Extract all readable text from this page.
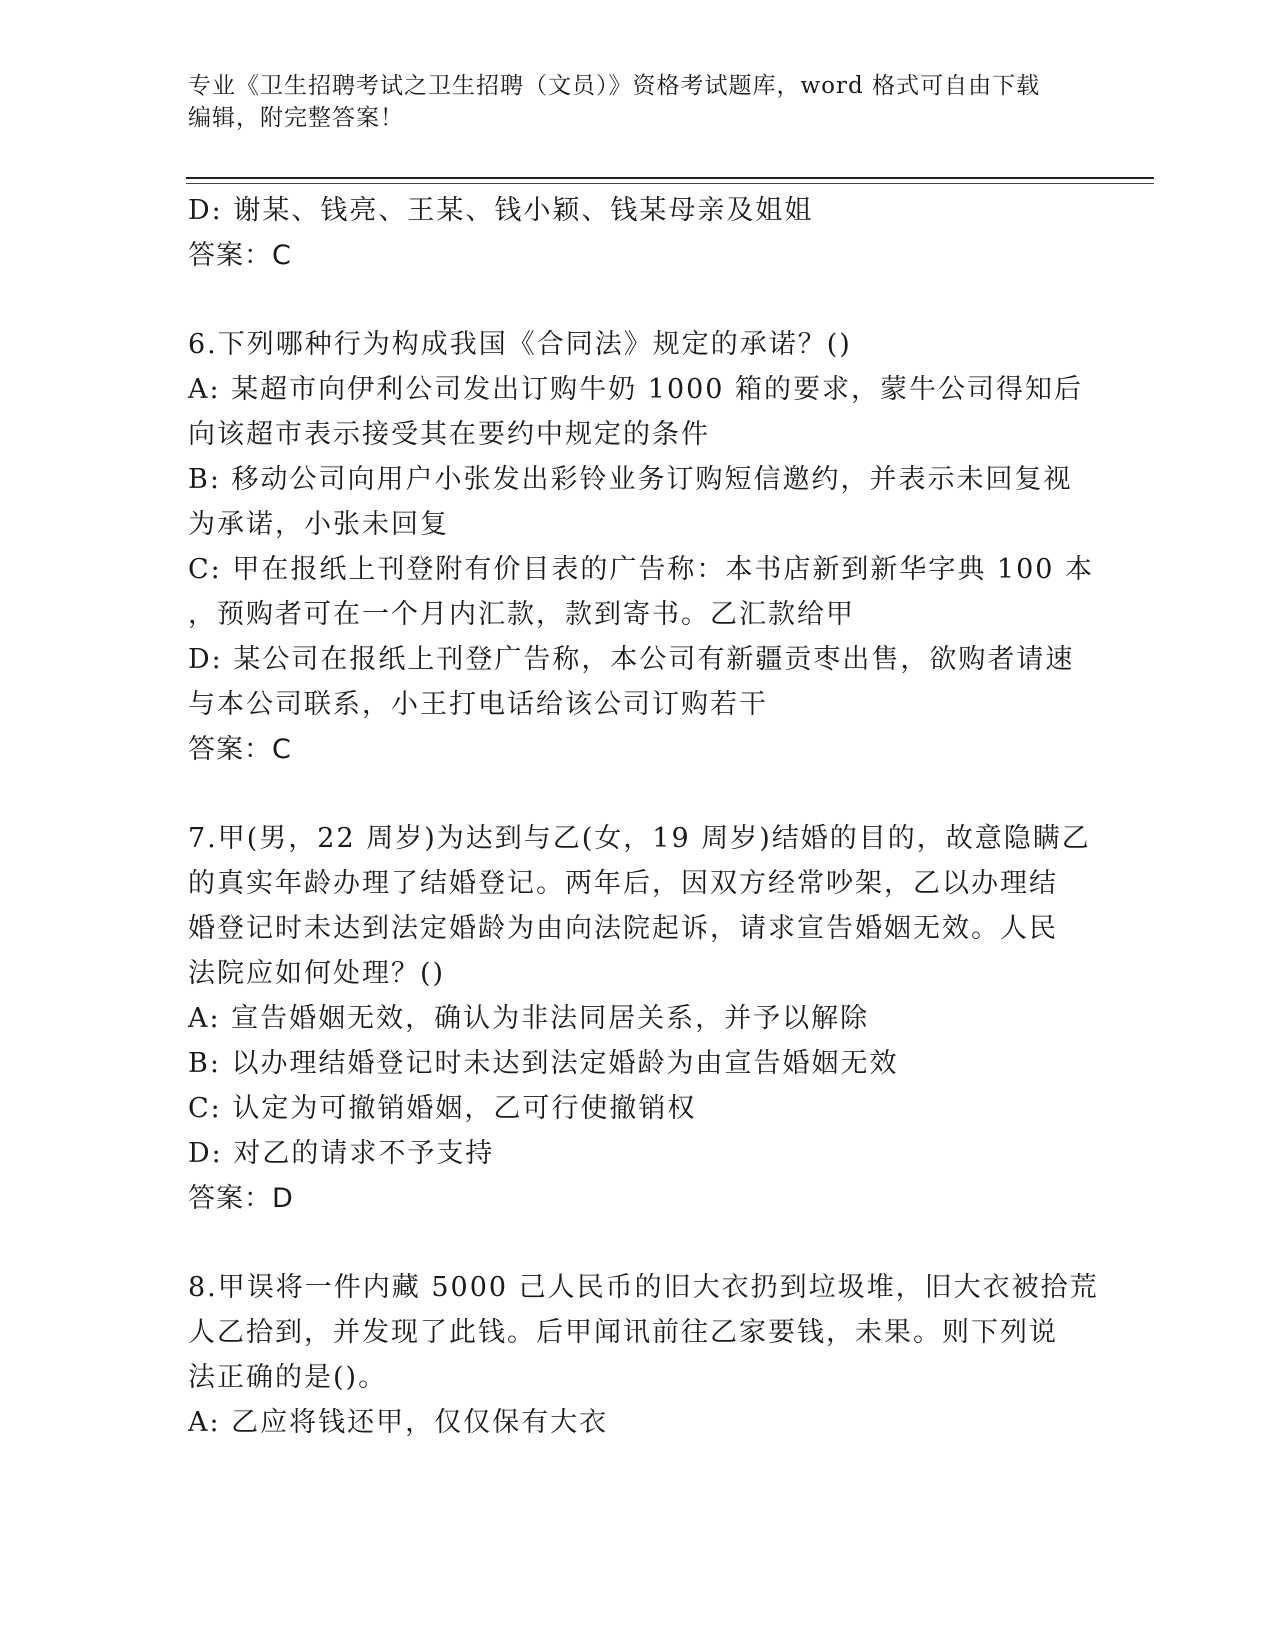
专业《卫生招聘考试之卫生招聘（文员）》资格考试题库，word 格式可自由下载
编辑，附完整答案！
D: 谢某、钱亮、王某、钱小颖、钱某母亲及姐姐
答案：C
6.下列哪种行为构成我国《合同法》规定的承诺？()
A: 某超市向伊利公司发出订购牛奶 1000 箱的要求，蒙牛公司得知后
向该超市表示接受其在要约中规定的条件
B: 移动公司向用户小张发出彩铃业务订购短信邀约，并表示未回复视
为承诺，小张未回复
C: 甲在报纸上刊登附有价目表的广告称：本书店新到新华字典 100 本
，预购者可在一个月内汇款，款到寄书。乙汇款给甲
D: 某公司在报纸上刊登广告称，本公司有新疆贡枣出售，欲购者请速
与本公司联系，小王打电话给该公司订购若干
答案：C
7.甲(男，22 周岁)为达到与乙(女，19 周岁)结婚的目的，故意隐瞒乙
的真实年龄办理了结婚登记。两年后，因双方经常吵架，乙以办理结
婚登记时未达到法定婚龄为由向法院起诉，请求宣告婚姻无效。人民
法院应如何处理？()
A: 宣告婚姻无效，确认为非法同居关系，并予以解除
B: 以办理结婚登记时未达到法定婚龄为由宣告婚姻无效
C: 认定为可撤销婚姻，乙可行使撤销权
D: 对乙的请求不予支持
答案：D
8.甲误将一件内藏 5000 己人民币的旧大衣扔到垃圾堆，旧大衣被拾荒
人乙拾到，并发现了此钱。后甲闻讯前往乙家要钱，未果。则下列说
法正确的是()。
A: 乙应将钱还甲，仅仅保有大衣
